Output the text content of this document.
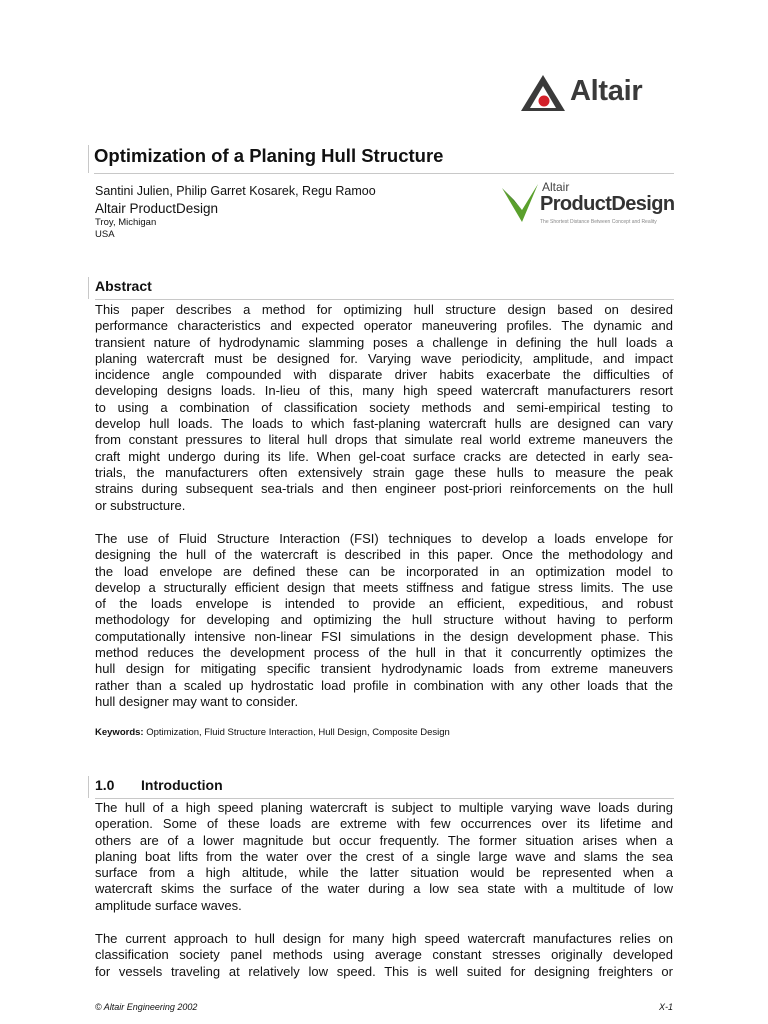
Altair
Optimization of a Planing Hull Structure
Santini Julien, Philip Garret Kosarek, Regu Ramoo
Altair ProductDesign
Troy, Michigan
USA
Altair
ProductDesign
The Shortest Distance Between Concept and Reality
Abstract
This paper describes a method for optimizing hull structure design based on desired
performance characteristics and expected operator maneuvering profiles. The dynamic and
transient nature of hydrodynamic slamming poses a challenge in defining the hull loads a
planing watercraft must be designed for. Varying wave periodicity, amplitude, and impact
incidence angle compounded with disparate driver habits exacerbate the difficulties of
developing designs loads. In-lieu of this, many high speed watercraft manufacturers resort
to using a combination of classification society methods and semi-empirical testing to
develop hull loads. The loads to which fast-planing watercraft hulls are designed can vary
from constant pressures to literal hull drops that simulate real world extreme maneuvers the
craft might undergo during its life. When gel-coat surface cracks are detected in early sea-
trials, the manufacturers often extensively strain gage these hulls to measure the peak
strains during subsequent sea-trials and then engineer post-priori reinforcements on the hull
or substructure.
The use of Fluid Structure Interaction (FSI) techniques to develop a loads envelope for
designing the hull of the watercraft is described in this paper. Once the methodology and
the load envelope are defined these can be incorporated in an optimization model to
develop a structurally efficient design that meets stiffness and fatigue stress limits. The use
of the loads envelope is intended to provide an efficient, expeditious, and robust
methodology for developing and optimizing the hull structure without having to perform
computationally intensive non-linear FSI simulations in the design development phase. This
method reduces the development process of the hull in that it concurrently optimizes the
hull design for mitigating specific transient hydrodynamic loads from extreme maneuvers
rather than a scaled up hydrostatic load profile in combination with any other loads that the
hull designer may want to consider.
Keywords: Optimization, Fluid Structure Interaction, Hull Design, Composite Design
1.0 Introduction
The hull of a high speed planing watercraft is subject to multiple varying wave loads during
operation. Some of these loads are extreme with few occurrences over its lifetime and
others are of a lower magnitude but occur frequently. The former situation arises when a
planing boat lifts from the water over the crest of a single large wave and slams the sea
surface from a high altitude, while the latter situation would be represented when a
watercraft skims the surface of the water during a low sea state with a multitude of low
amplitude surface waves.
The current approach to hull design for many high speed watercraft manufactures relies on
classification society panel methods using average constant stresses originally developed
for vessels traveling at relatively low speed. This is well suited for designing freighters or
© Altair Engineering 2002	X-1
